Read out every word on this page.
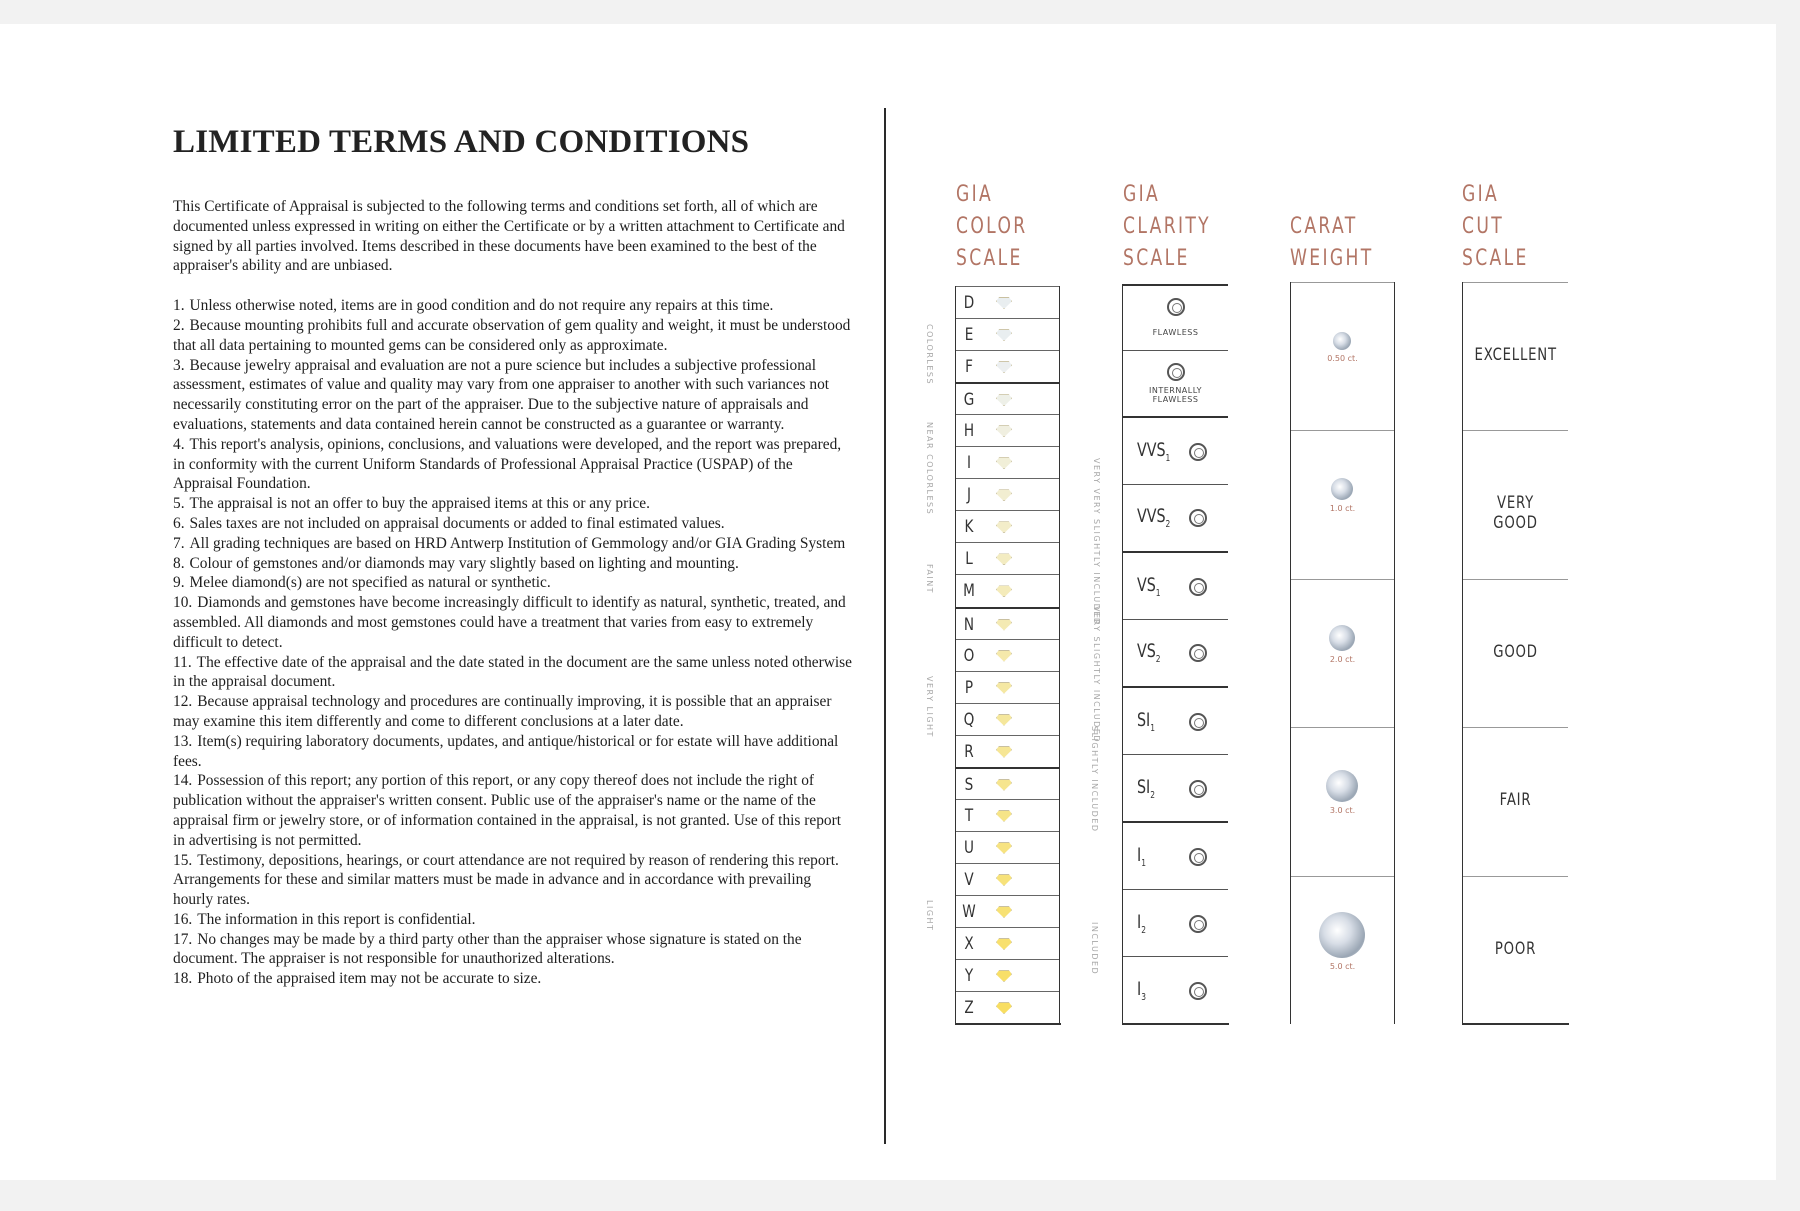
LIMITED TERMS AND CONDITIONS

This Certificate of Appraisal is subjected to the following terms and conditions set forth, all of which are documented unless expressed in writing on either the Certificate or by a written attachment to Certificate and signed by all parties involved. Items described in these documents have been examined to the best of the appraiser's ability and are unbiased.

1. Unless otherwise noted, items are in good condition and do not require any repairs at this time.
2. Because mounting prohibits full and accurate observation of gem quality and weight, it must be understood that all data pertaining to mounted gems can be considered only as approximate.
3. Because jewelry appraisal and evaluation are not a pure science but includes a subjective professional assessment, estimates of value and quality may vary from one appraiser to another with such variances not necessarily constituting error on the part of the appraiser. Due to the subjective nature of appraisals and evaluations, statements and data contained herein cannot be constructed as a guarantee or warranty.
4. This report's analysis, opinions, conclusions, and valuations were developed, and the report was prepared, in conformity with the current Uniform Standards of Professional Appraisal Practice (USPAP) of the Appraisal Foundation.
5. The appraisal is not an offer to buy the appraised items at this or any price.
6. Sales taxes are not included on appraisal documents or added to final estimated values.
7. All grading techniques are based on HRD Antwerp Institution of Gemmology and/or GIA Grading System
8. Colour of gemstones and/or diamonds may vary slightly based on lighting and mounting.
9. Melee diamond(s) are not specified as natural or synthetic.
10. Diamonds and gemstones have become increasingly difficult to identify as natural, synthetic, treated, and assembled. All diamonds and most gemstones could have a treatment that varies from easy to extremely difficult to detect.
11. The effective date of the appraisal and the date stated in the document are the same unless noted otherwise in the appraisal document.
12. Because appraisal technology and procedures are continually improving, it is possible that an appraiser may examine this item differently and come to different conclusions at a later date.
13. Item(s) requiring laboratory documents, updates, and antique/historical or for estate will have additional fees.
14. Possession of this report; any portion of this report, or any copy thereof does not include the right of publication without the appraiser's written consent. Public use of the appraiser's name or the name of the appraisal firm or jewelry store, or of information contained in the appraisal, is not granted. Use of this report in advertising is not permitted.
15. Testimony, depositions, hearings, or court attendance are not required by reason of rendering this report. Arrangements for these and similar matters must be made in advance and in accordance with prevailing hourly rates.
16. The information in this report is confidential.
17. No changes may be made by a third party other than the appraiser whose signature is stated on the document. The appraiser is not responsible for unauthorized alterations.
18. Photo of the appraised item may not be accurate to size.
GIA
COLOR
SCALE
GIA
CLARITY
SCALE
CARAT
WEIGHT
GIA
CUT
SCALE
COLORLESS
NEAR COLORLESS
FAINT
VERY LIGHT
LIGHT
VERY VERY SLIGHTLY INCLUDED
VERY SLIGHTLY INCLUDED
SLIGHTLY INCLUDED
INCLUDED
D
E
F
G
H
I
J
K
L
M
N
O
P
Q
R
S
T
U
V
W
X
Y
Z
FLAWLESS
INTERNALLY FLAWLESS
$VVS_1$
$VVS_2$
$VS_1$
$VS_2$
$SI_1$
$SI_2$
$I_1$
$I_2$
$I_3$
0.50 ct.
1.0 ct.
2.0 ct.
3.0 ct.
5.0 ct.
EXCELLENT
VERY GOOD
GOOD
FAIR
POOR
